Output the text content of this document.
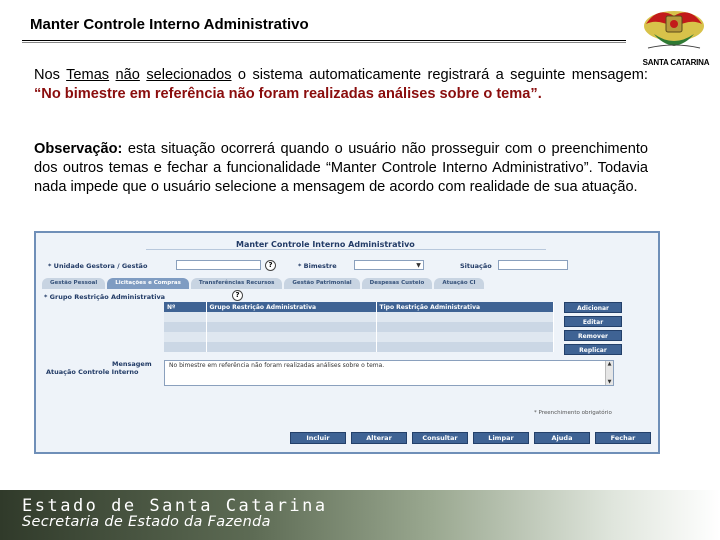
Manter Controle Interno Administrativo
SANTA CATARINA
Nos Temas não selecionados o sistema automaticamente registrará a seguinte mensagem: “No bimestre em referência não foram realizadas análises sobre o tema”.
Observação: esta situação ocorrerá quando o usuário não prosseguir com o preenchimento dos outros temas e fechar a funcionalidade “Manter Controle Interno Administrativo”. Todavia nada impede que o usuário selecione a mensagem de acordo com realidade de sua atuação.
Manter Controle Interno Administrativo
* Unidade Gestora / Gestão	?	* Bimestre	▼	Situação
Gestão Pessoal	Licitações e Compras	Transferências Recursos	Gestão Patrimonial	Despesas Custeio	Atuação CI
* Grupo Restrição Administrativa	?
Nº	Grupo Restrição Administrativa	Tipo Restrição Administrativa

			Adicionar
Editar
Remover
Replicar
Mensagem
Atuação Controle Interno
No bimestre em referência não foram realizadas análises sobre o tema.	▲
▼
* Preenchimento obrigatório
Incluir	Alterar	Consultar	Limpar	Ajuda	Fechar
Estado de Santa Catarina
Secretaria de Estado da Fazenda
